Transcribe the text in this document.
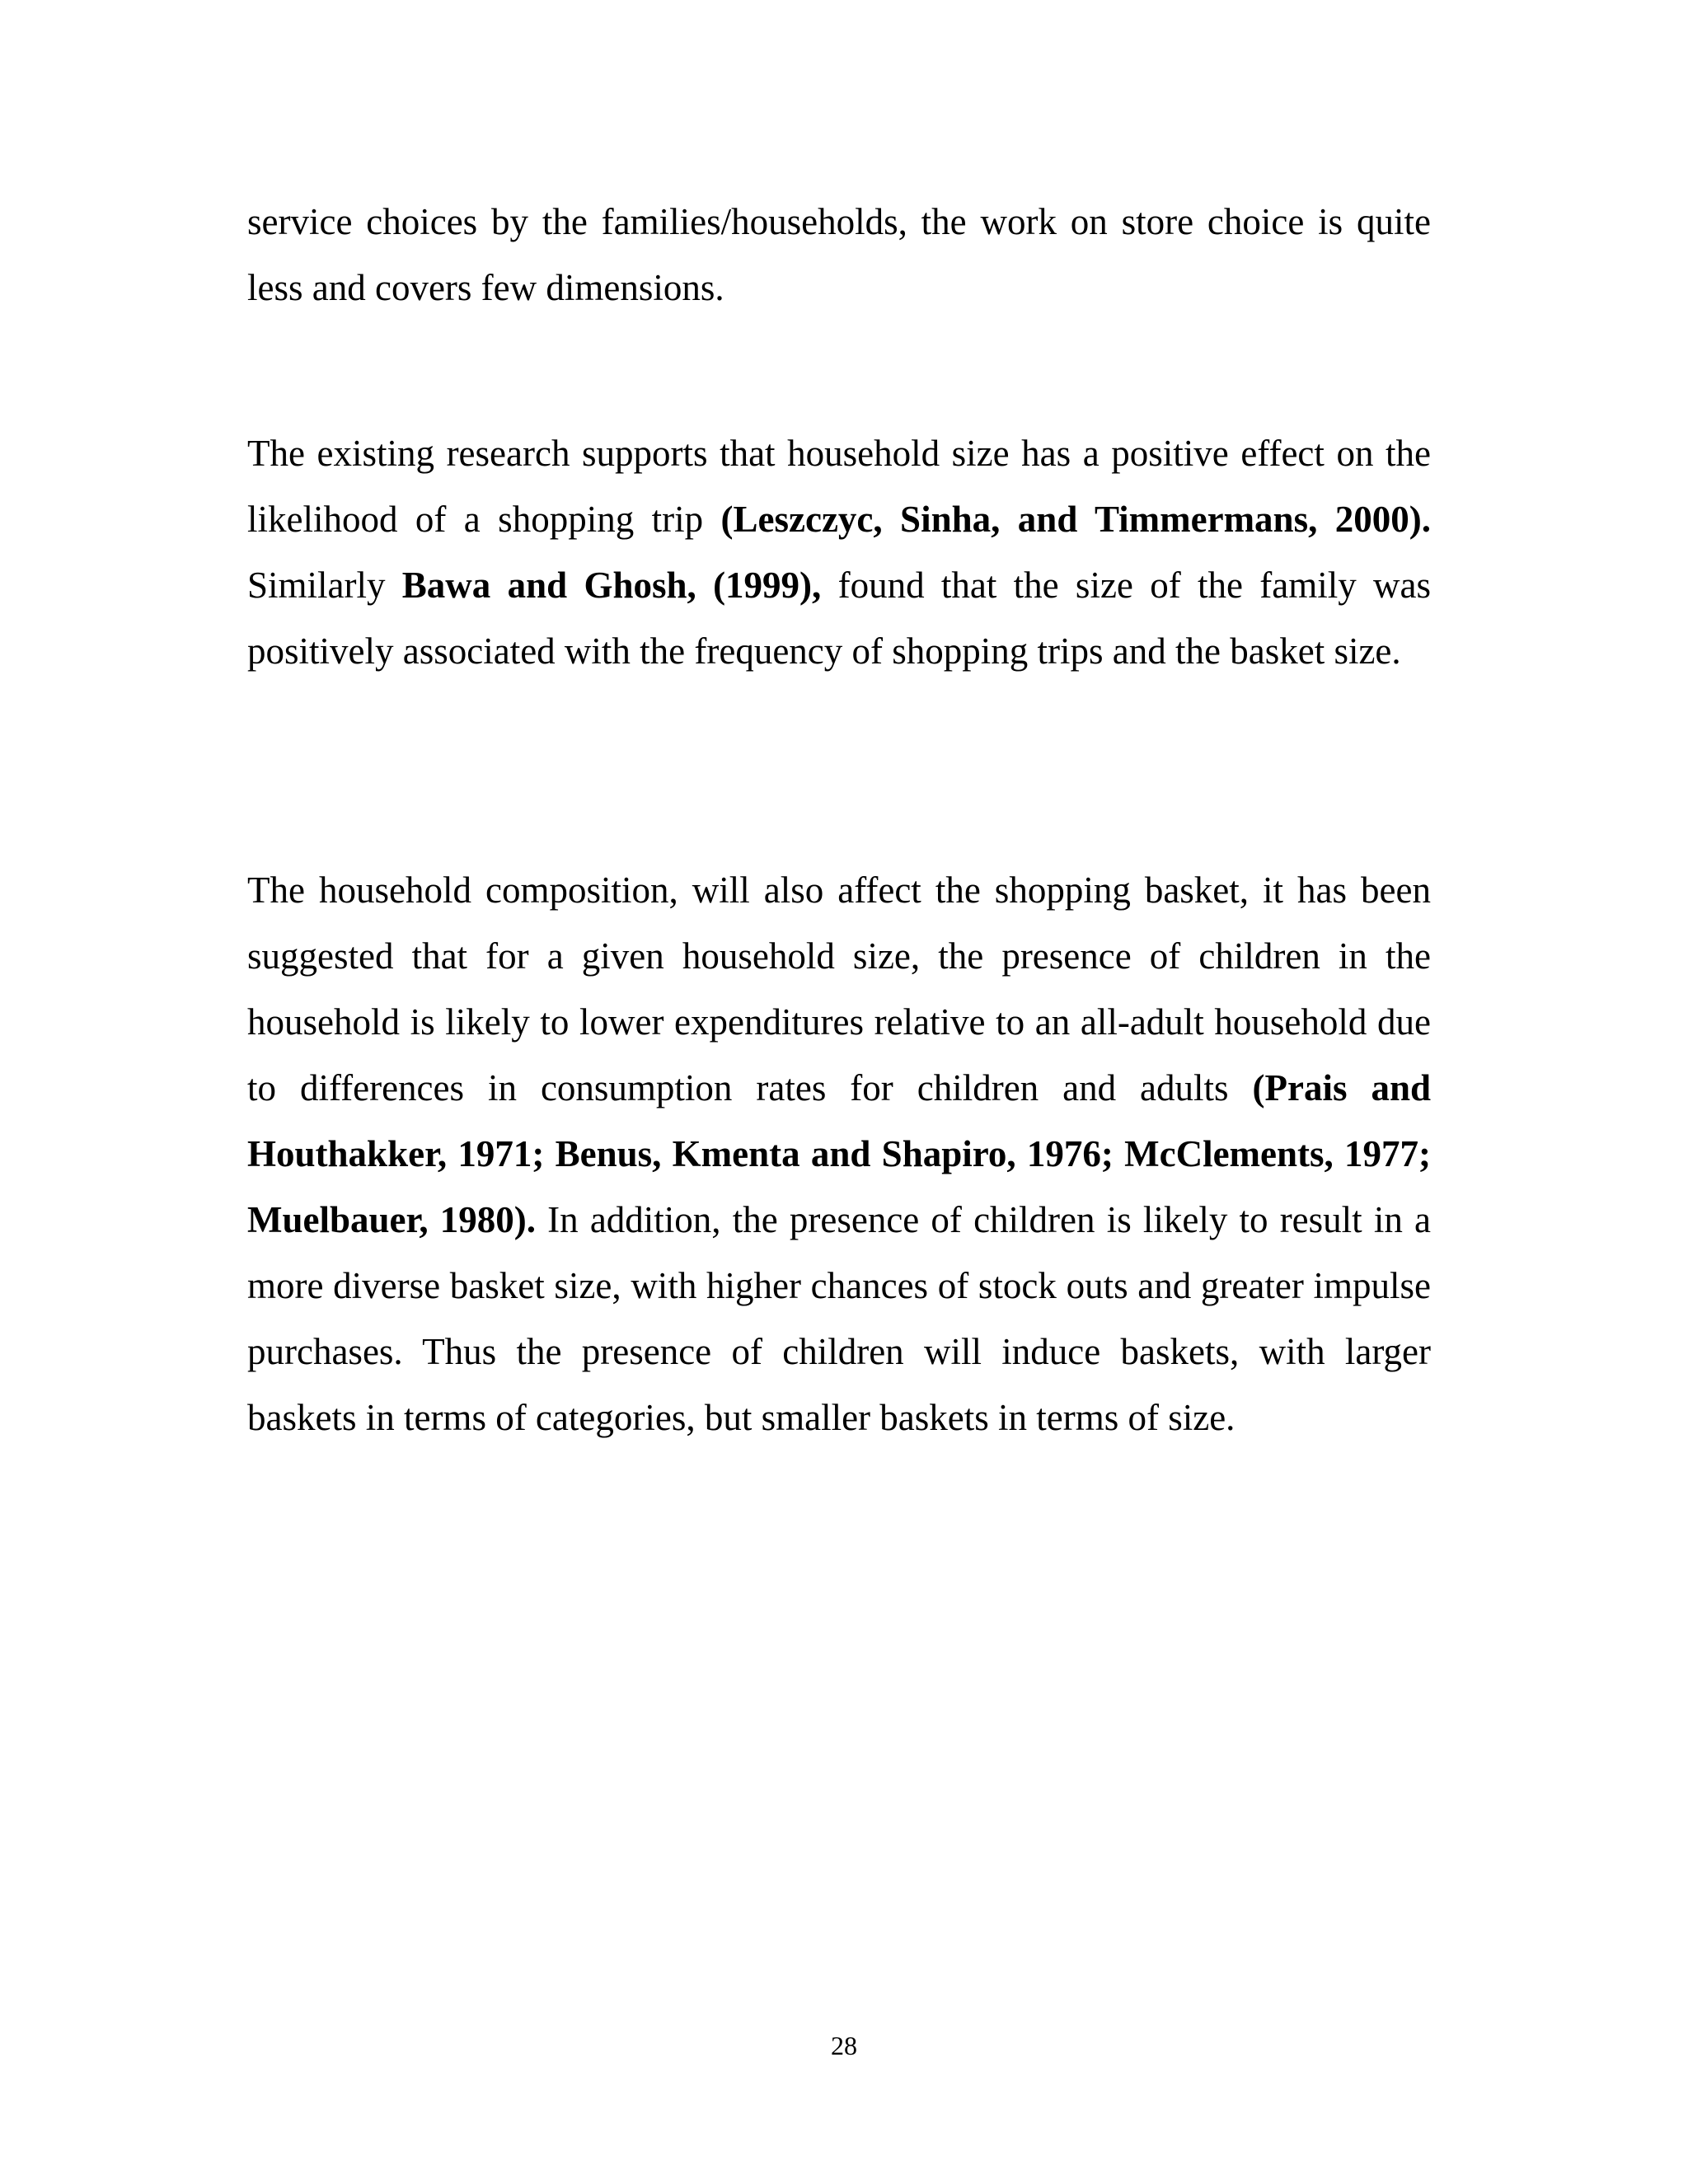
service choices by the families/households, the work on store choice is quite less and covers few dimensions.

The existing research supports that household size has a positive effect on the likelihood of a shopping trip (Leszczyc, Sinha, and Timmermans, 2000). Similarly Bawa and Ghosh, (1999), found that the size of the family was positively associated with the frequency of shopping trips and the basket size.

The household composition, will also affect the shopping basket, it has been suggested that for a given household size, the presence of children in the household is likely to lower expenditures relative to an all-adult household due to differences in consumption rates for children and adults (Prais and Houthakker, 1971; Benus, Kmenta and Shapiro, 1976; McClements, 1977; Muelbauer, 1980). In addition, the presence of children is likely to result in a more diverse basket size, with higher chances of stock outs and greater impulse purchases. Thus the presence of children will induce baskets, with larger baskets in terms of categories, but smaller baskets in terms of size.

28
